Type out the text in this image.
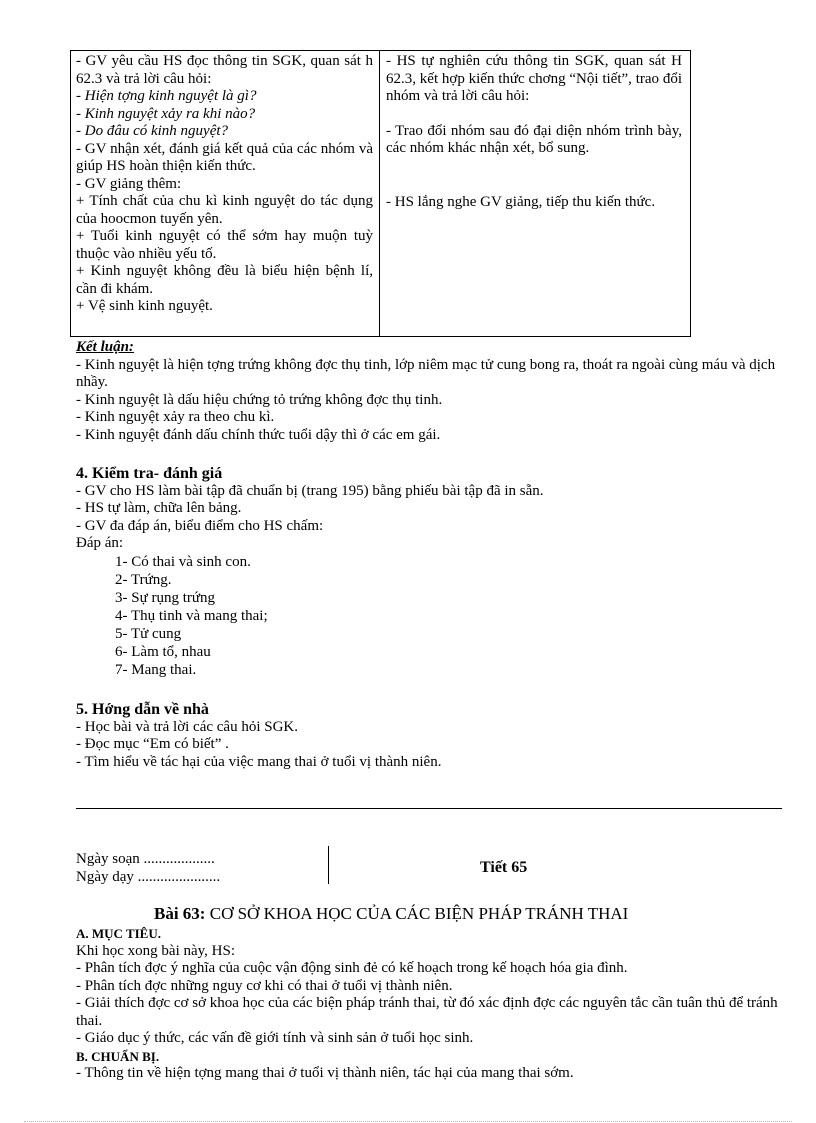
- GV yêu cầu HS đọc thông tin SGK, quan sát h 62.3 và trả lời câu hỏi:

- Hiện tợng kinh nguyệt là gì?

- Kinh nguyệt xảy ra khi nào?

- Do đâu có kinh nguyệt?

- GV nhận xét, đánh giá kết quả của các nhóm và giúp HS hoàn thiện kiến thức.

- GV giảng thêm:

+ Tính chất của chu kì kinh nguyệt do tác dụng của hoocmon tuyến yên.

+ Tuổi kinh nguyệt có thể sớm hay muộn tuỳ thuộc vào nhiều yếu tố.

+ Kinh nguyệt không đều là biểu hiện bệnh lí, cần đi khám.

+ Vệ sinh kinh nguyệt.

- HS tự nghiên cứu thông tin SGK, quan sát H 62.3, kết hợp kiến thức chơng “Nội tiết”, trao đổi nhóm và trả lời câu hỏi:

- Trao đổi nhóm sau đó đại diện nhóm trình bày, các nhóm khác nhận xét, bổ sung.

- HS lắng nghe GV giảng, tiếp thu kiến thức.

Kết luận:

- Kinh nguyệt là hiện tợng trứng không đợc thụ tinh, lớp niêm mạc tử cung bong ra, thoát ra ngoài cùng máu và dịch nhầy.

- Kinh nguyệt là dấu hiệu chứng tỏ trứng không đợc thụ tinh.

- Kinh nguyệt xảy ra theo chu kì.

- Kinh nguyệt đánh dấu chính thức tuổi dậy thì ở các em gái.

4. Kiểm tra- đánh giá

- GV cho HS làm bài tập đã chuẩn bị (trang 195) bằng phiếu bài tập đã in sẵn.

- HS tự làm, chữa lên bảng.

- GV đa đáp án, biểu điểm cho HS chấm:

Đáp án:

1- Có thai và sinh con.

2- Trứng.

3- Sự rụng trứng

4- Thụ tinh và mang thai;

5- Tử cung

6- Làm tổ, nhau

7- Mang thai.

5. Hớng dẫn về nhà

- Học bài và trả lời các câu hỏi SGK.

- Đọc mục “Em có biết” .

- Tìm hiểu về tác hại của việc mang thai ở tuổi vị thành niên.

Ngày soạn ...................

Ngày dạy ......................

Tiết 65
Bài 63: CƠ SỞ KHOA HỌC CỦA CÁC BIỆN PHÁP TRÁNH THAI

A. MỤC TIÊU.

Khi học xong bài này, HS:

- Phân tích đợc ý nghĩa của cuộc vận động sinh đẻ có kế hoạch trong kế hoạch hóa gia đình.

- Phân tích đợc những nguy cơ khi có thai ở tuổi vị thành niên.

- Giải thích đợc cơ sở khoa học của các biện pháp tránh thai, từ đó xác định đợc các nguyên tắc cần tuân thủ để tránh thai.

- Giáo dục ý thức, các vấn đề giới tính và sinh sản ở tuổi học sinh.

B. CHUẨN BỊ.

- Thông tin về hiện tợng mang thai ở tuổi vị thành niên, tác hại của mang thai sớm.
